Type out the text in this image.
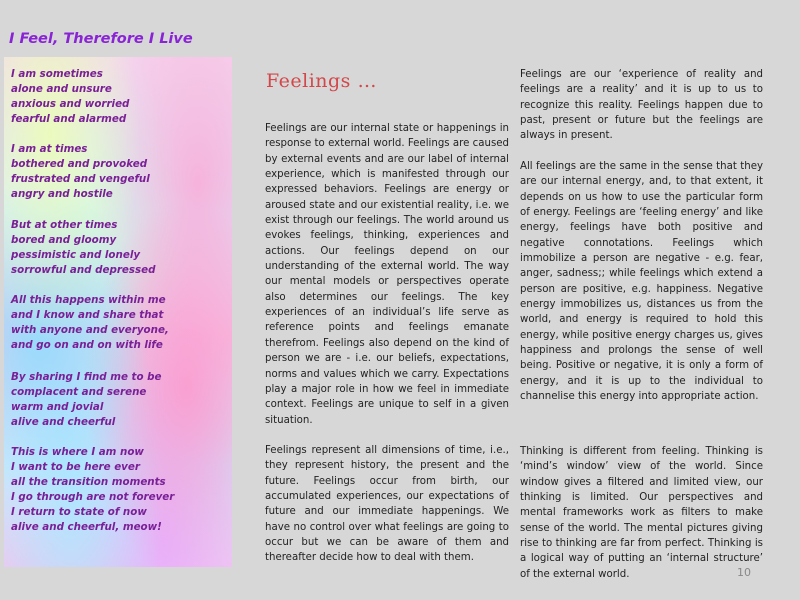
I Feel, Therefore I Live
I am sometimes
alone and unsure
anxious and worried
fearful and alarmed
I am at times
bothered and provoked
frustrated and vengeful
angry and hostile
But at other times
bored and gloomy
pessimistic and lonely
sorrowful and depressed
All this happens within me
and I know and share that
with anyone and everyone,
and go on and on with life
By sharing I find me to be
complacent and serene
warm and jovial
alive and cheerful
This is where I am now
I want to be here ever
all the transition moments
I go through are not forever
I return to state of now
alive and cheerful, meow!
Feelings …

Feelings are our internal state or happenings in response to external world. Feelings are caused by external events and are our label of internal experience, which is manifested through our expressed behaviors. Feelings are energy or aroused state and our existential reality, i.e. we exist through our feelings. The world around us evokes feelings, thinking, experiences and actions. Our feelings depend on our understanding of the external world. The way our mental models or perspectives operate also determines our feelings. The key experiences of an individual’s life serve as reference points and feelings emanate therefrom. Feelings also depend on the kind of person we are - i.e. our beliefs, expectations, norms and values which we carry. Expectations play a major role in how we feel in immediate context. Feelings are unique to self in a given situation.

Feelings represent all dimensions of time, i.e., they represent history, the present and the future. Feelings occur from birth, our accumulated experiences, our expectations of future and our immediate happenings. We have no control over what feelings are going to occur but we can be aware of them and thereafter decide how to deal with them.

Feelings are our ‘experience of reality and feelings are a reality’ and it is up to us to recognize this reality. Feelings happen due to past, present or future but the feelings are always in present.

All feelings are the same in the sense that they are our internal energy, and, to that extent, it depends on us how to use the particular form of energy. Feelings are ‘feeling energy’ and like energy, feelings have both positive and negative connotations. Feelings which immobilize a person are negative - e.g. fear, anger, sadness;; while feelings which extend a person are positive, e.g. happiness. Negative energy immobilizes us, distances us from the world, and energy is required to hold this energy, while positive energy charges us, gives happiness and prolongs the sense of well being. Positive or negative, it is only a form of energy, and it is up to the individual to channelise this energy into appropriate action.

Thinking is different from feeling. Thinking is ‘mind’s window’ view of the world. Since window gives a filtered and limited view, our thinking is limited. Our perspectives and mental frameworks work as filters to make sense of the world. The mental pictures giving rise to thinking are far from perfect. Thinking is a logical way of putting an ‘internal structure’ of the external world.	10
